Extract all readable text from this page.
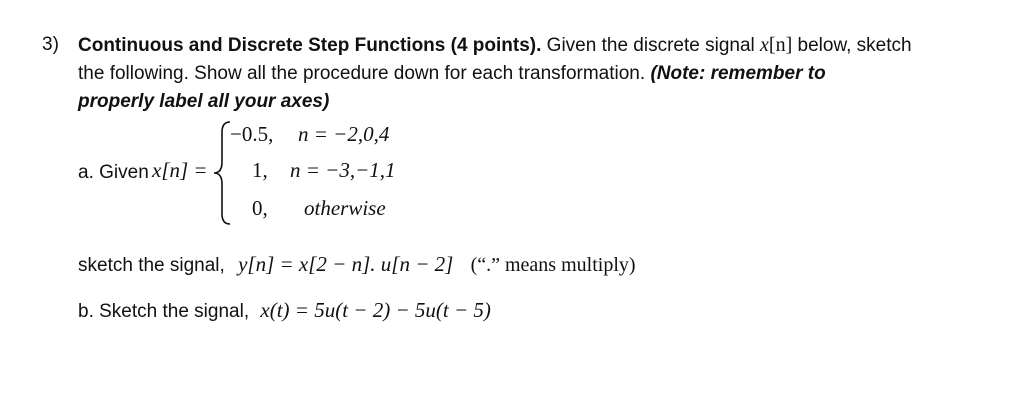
3) Continuous and Discrete Step Functions (4 points). Given the discrete signal x[n] below, sketch
the following. Show all the procedure down for each transformation. (Note: remember to
properly label all your axes)
a. Given x[n] =
−0.5, n = −2,0,4
1, n = −3,−1,1
0, otherwise
sketch the signal, y[n] = x[2 − n]. u[n − 2] (“.” means multiply)
b. Sketch the signal, x(t) = 5u(t − 2) − 5u(t − 5)
